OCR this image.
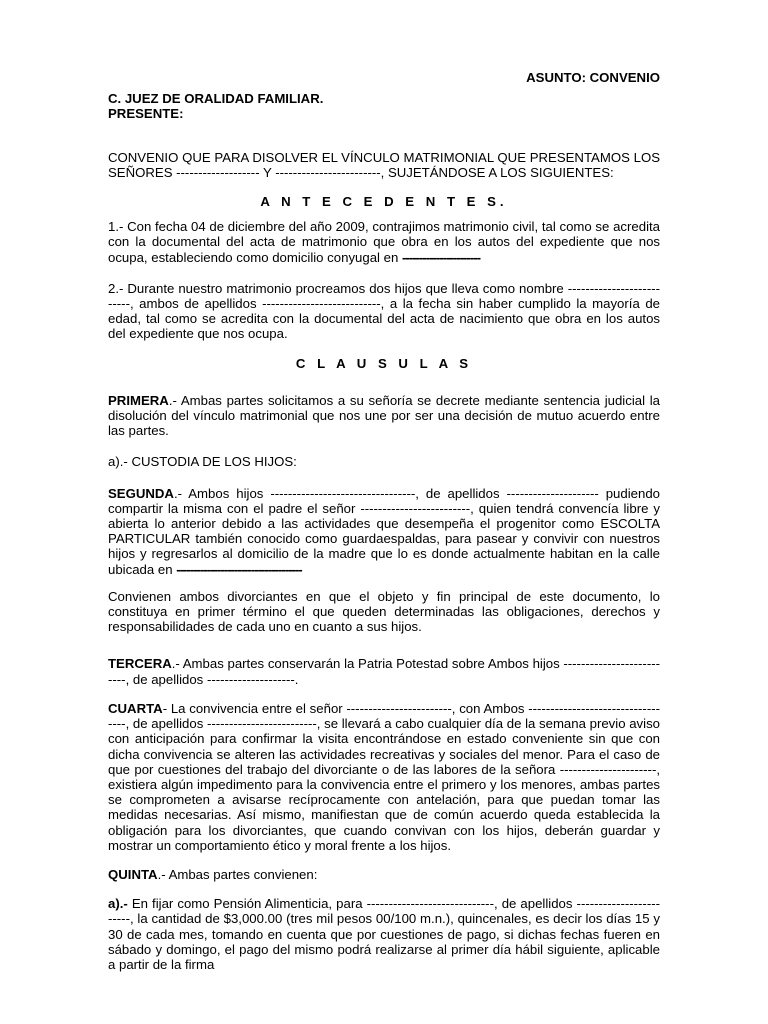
ASUNTO: CONVENIO

C. JUEZ DE ORALIDAD FAMILIAR.

PRESENTE:

CONVENIO QUE PARA DISOLVER EL VÍNCULO MATRIMONIAL QUE PRESENTAMOS LOS SEÑORES ------------------- Y ------------------------, SUJETÁNDOSE A LOS SIGUIENTES:

A N T E C E D E N T E S.

1.- Con fecha 04 de diciembre del año 2009, contrajimos matrimonio civil, tal como se acredita con la documental del acta de matrimonio que obra en los autos del expediente que nos ocupa, estableciendo como domicilio conyugal en -----------------------

2.- Durante nuestro matrimonio procreamos dos hijos que lleva como nombre --------------------------, ambos de apellidos ---------------------------, a la fecha sin haber cumplido la mayoría de edad, tal como se acredita con la documental del acta de nacimiento que obra en los autos del expediente que nos ocupa.

C L A U S U L A S

PRIMERA.- Ambas partes solicitamos a su señoría se decrete mediante sentencia judicial la disolución del vínculo matrimonial que nos une por ser una decisión de mutuo acuerdo entre las partes.

a).- CUSTODIA DE LOS HIJOS:

SEGUNDA.- Ambos hijos ---------------------------------, de apellidos --------------------- pudiendo compartir la misma con el padre el señor -------------------------, quien tendrá convencía libre y abierta lo anterior debido a las actividades que desempeña el progenitor como ESCOLTA PARTICULAR también conocido como guardaespaldas, para pasear y convivir con nuestros hijos y regresarlos al domicilio de la madre que lo es donde actualmente habitan en la calle ubicada en -------------------------------------

Convienen ambos divorciantes en que el objeto y fin principal de este documento, lo constituya en primer término el que queden determinadas las obligaciones, derechos y responsabilidades de cada uno en cuanto a sus hijos.

TERCERA.- Ambas partes conservarán la Patria Potestad sobre Ambos hijos --------------------------, de apellidos --------------------.

CUARTA- La convivencia entre el señor ------------------------, con Ambos ----------------------------------, de apellidos -------------------------, se llevará a cabo cualquier día de la semana previo aviso con anticipación para confirmar la visita encontrándose en estado conveniente sin que con dicha convivencia se alteren las actividades recreativas y sociales del menor. Para el caso de que por cuestiones del trabajo del divorciante o de las labores de la señora ----------------------, existiera algún impedimento para la convivencia entre el primero y los menores, ambas partes se comprometen a avisarse recíprocamente con antelación, para que puedan tomar las medidas necesarias. Así mismo, manifiestan que de común acuerdo queda establecida la obligación para los divorciantes, que cuando convivan con los hijos, deberán guardar y mostrar un comportamiento ético y moral frente a los hijos.

QUINTA.- Ambas partes convienen:

a).- En fijar como Pensión Alimenticia, para -----------------------------, de apellidos ------------------------, la cantidad de $3,000.00 (tres mil pesos 00/100 m.n.), quincenales, es decir los días 15 y 30 de cada mes, tomando en cuenta que por cuestiones de pago, si dichas fechas fueren en sábado y domingo, el pago del mismo podrá realizarse al primer día hábil siguiente, aplicable a partir de la firma
